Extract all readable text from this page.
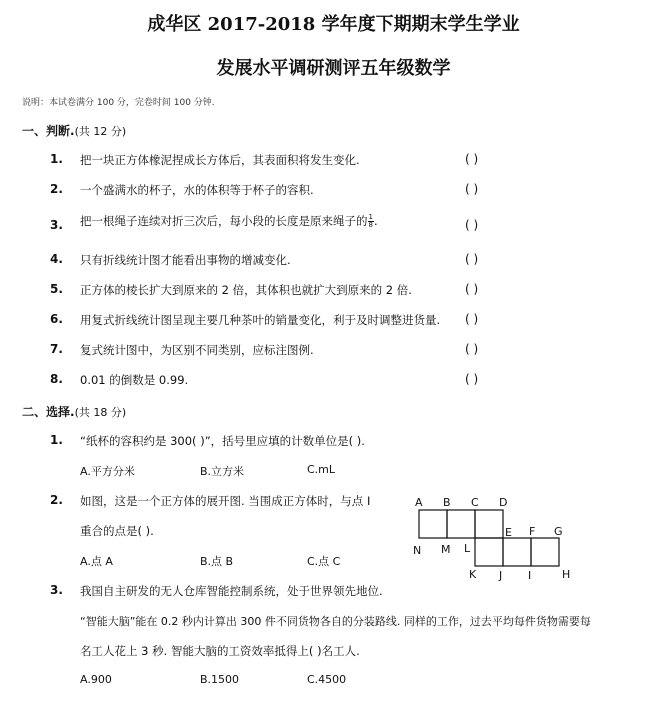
成华区 2017-2018 学年度下期期末学生学业
发展水平调研测评五年级数学
说明：本试卷满分 100 分，完卷时间 100 分钟.
一、判断.(共 12 分)
1. 把一块正方体橡泥捏成长方体后，其表面积将发生变化.	( )
2. 一个盛满水的杯子，水的体积等于杯子的容积.	( )
3. 把一根绳子连续对折三次后，每小段的长度是原来绳子的 $\frac{1}{8}$ .	( )
4. 只有折线统计图才能看出事物的增减变化.	( )
5. 正方体的棱长扩大到原来的 2 倍，其体积也就扩大到原来的 2 倍.	( )
6. 用复式折线统计图呈现主要几种茶叶的销量变化，利于及时调整进货量. ( )
7. 复式统计图中，为区别不同类别，应标注图例.	( )
8. 0.01 的倒数是 0.99.	( )
二、选择.(共 18 分)
1. “纸杯的容积约是 300( )”，括号里应填的计数单位是( ).
A.平方分米	B.立方米	C.mL
2. 如图，这是一个正方体的展开图. 当围成正方体时，与点 I
重合的点是( ).
A.点 A	B.点 B	C.点 C
A B C D
E F G
H
I
J
K
L
M
N
3. 我国自主研发的无人仓库智能控制系统，处于世界领先地位.
“智能大脑”能在 0.2 秒内计算出 300 件不同货物各自的分装路线. 同样的工作，过去平均每件货物需要每
名工人花上 3 秒. 智能大脑的工资效率抵得上( )名工人.
A.900	B.1500	C.4500
